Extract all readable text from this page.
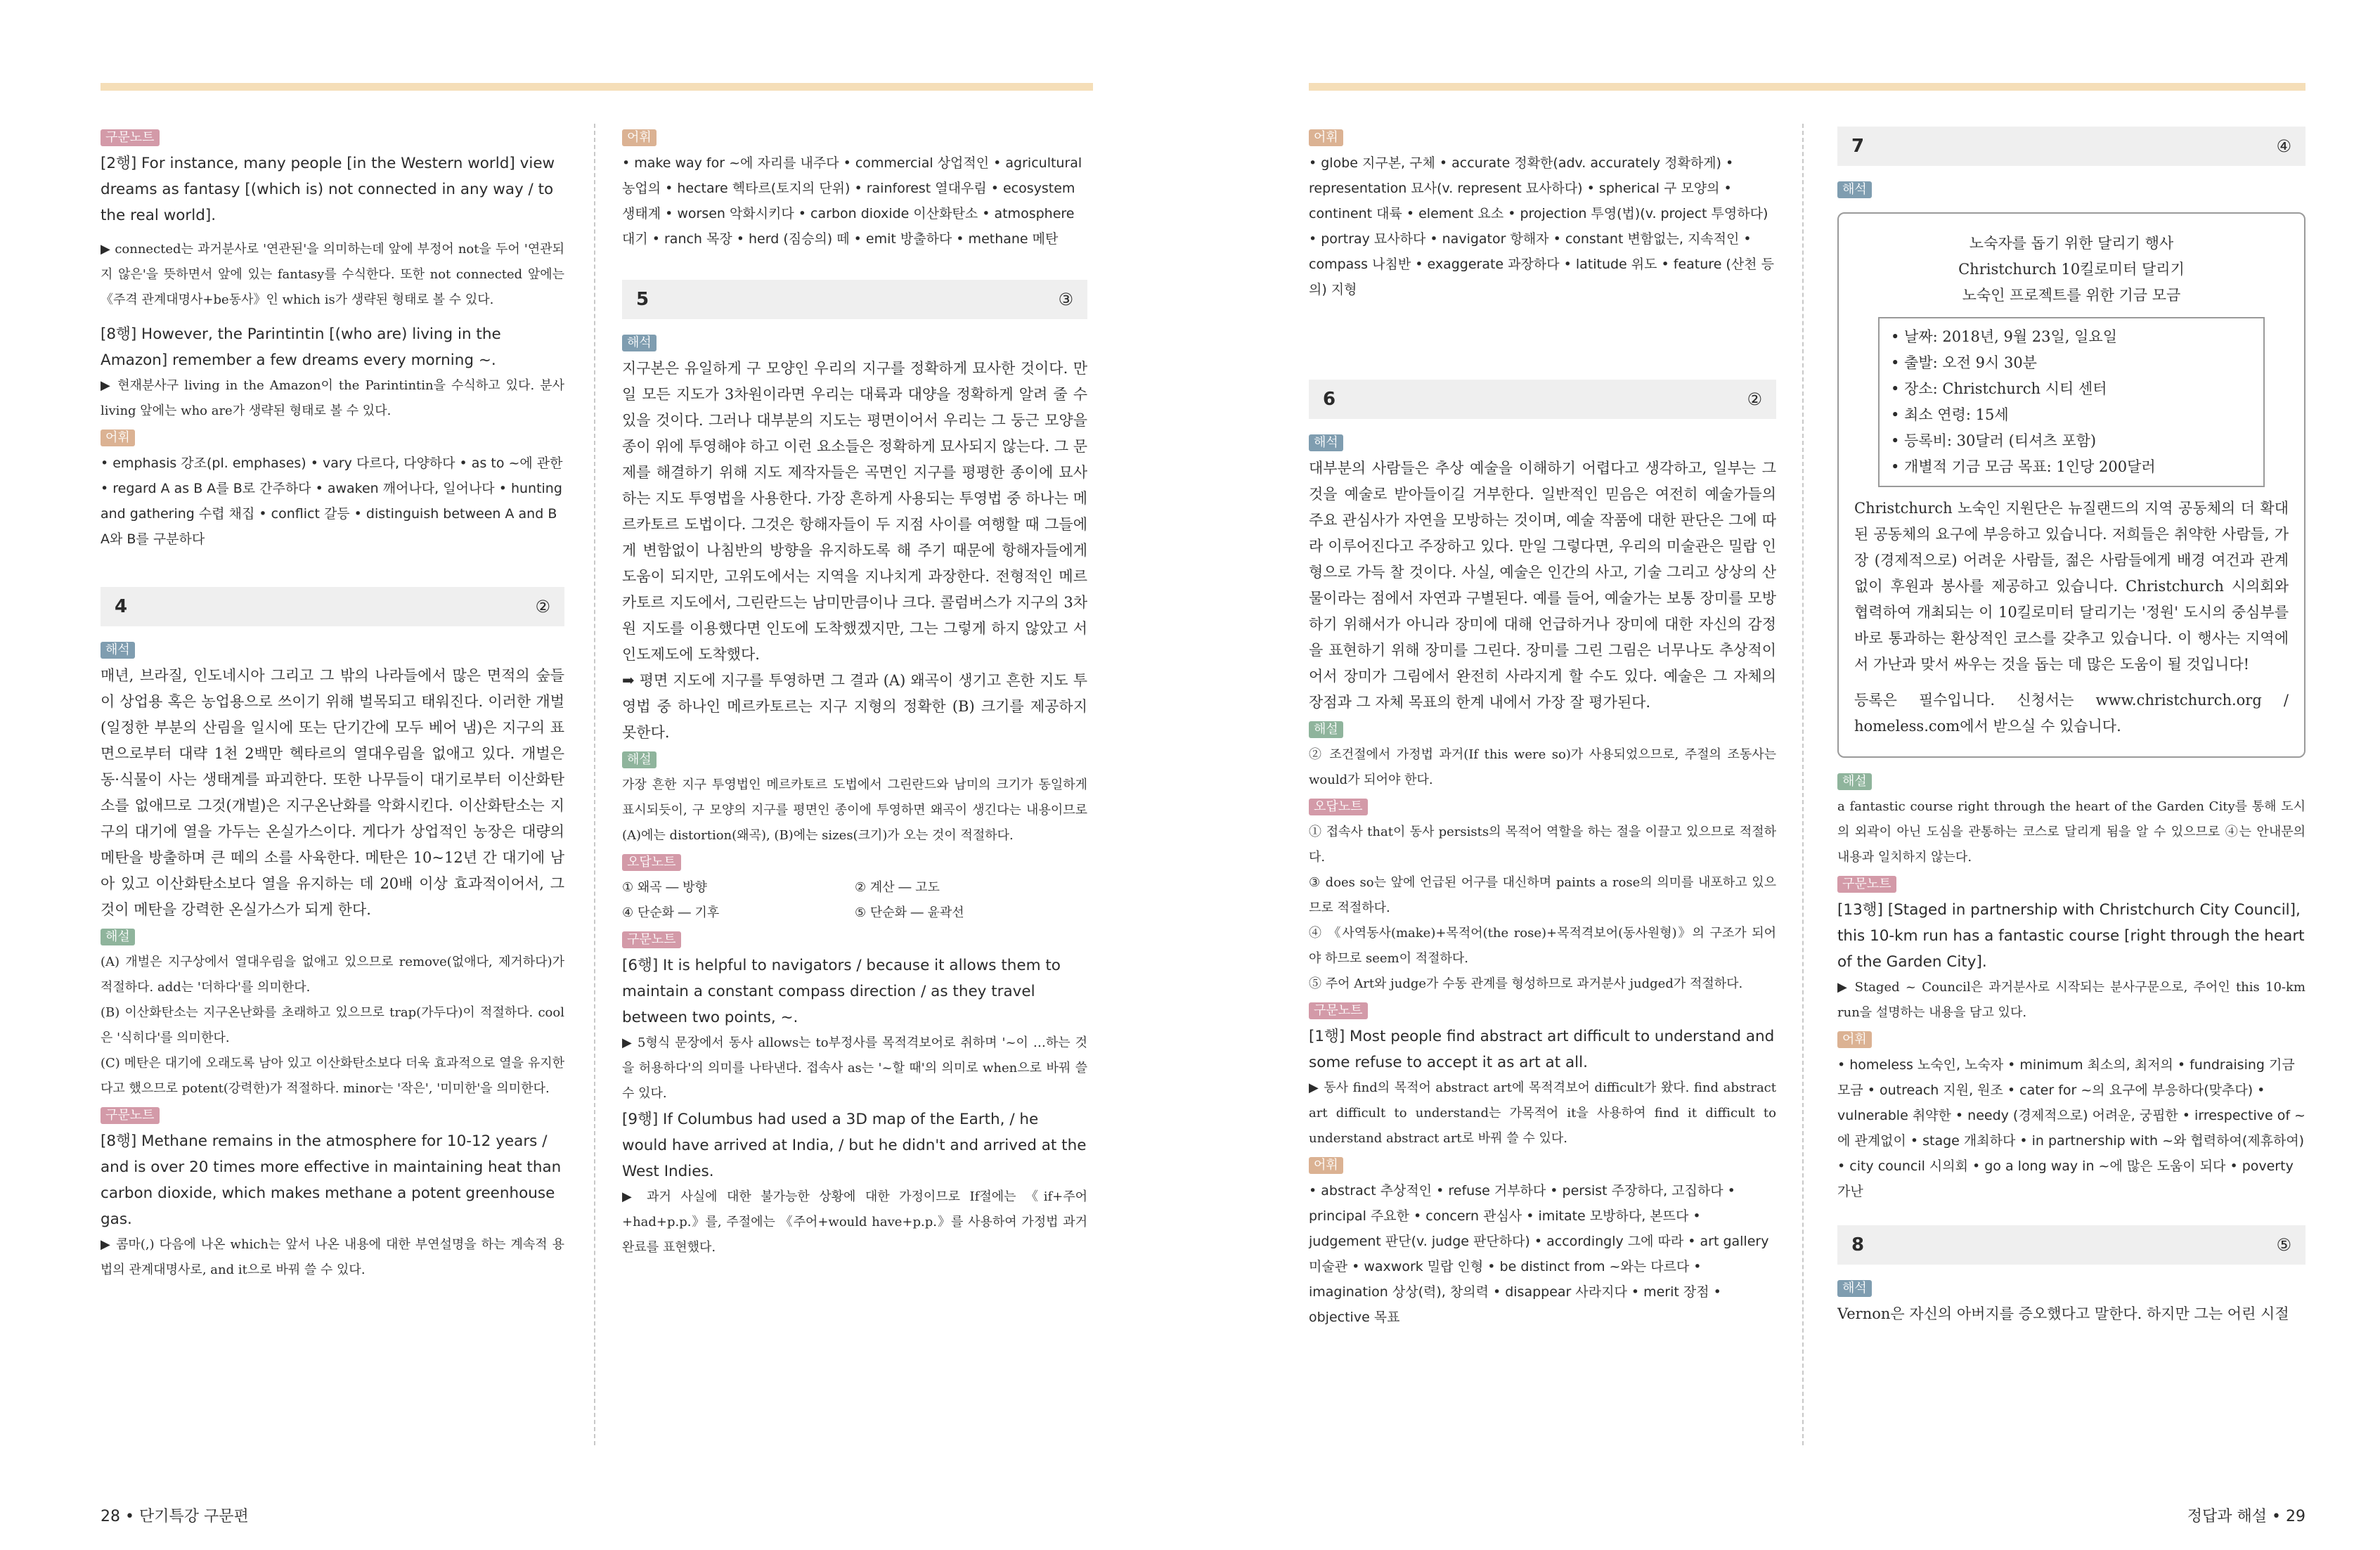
구문노트

[2행] For instance, many people [in the Western world] view dreams as fantasy [(which is) not connected in any way / to the real world].

▶ connected는 과거분사로 '연관된'을 의미하는데 앞에 부정어 not을 두어 '연관되지 않은'을 뜻하면서 앞에 있는 fantasy를 수식한다. 또한 not connected 앞에는 《주격 관계대명사+be동사》인 which is가 생략된 형태로 볼 수 있다.

[8행] However, the Parintintin [(who are) living in the Amazon] remember a few dreams every morning ~.

▶ 현재분사구 living in the Amazon이 the Parintintin을 수식하고 있다. 분사 living 앞에는 who are가 생략된 형태로 볼 수 있다.

어휘

• emphasis 강조(pl. emphases) • vary 다르다, 다양하다 • as to ~에 관한 • regard A as B A를 B로 간주하다 • awaken 깨어나다, 일어나다 • hunting and gathering 수렵 채집 • conflict 갈등 • distinguish between A and B A와 B를 구분하다

4	②
해석

매년, 브라질, 인도네시아 그리고 그 밖의 나라들에서 많은 면적의 숲들이 상업용 혹은 농업용으로 쓰이기 위해 벌목되고 태워진다. 이러한 개벌(일정한 부분의 산림을 일시에 또는 단기간에 모두 베어 냄)은 지구의 표면으로부터 대략 1천 2백만 헥타르의 열대우림을 없애고 있다. 개벌은 동·식물이 사는 생태계를 파괴한다. 또한 나무들이 대기로부터 이산화탄소를 없애므로 그것(개벌)은 지구온난화를 악화시킨다. 이산화탄소는 지구의 대기에 열을 가두는 온실가스이다. 게다가 상업적인 농장은 대량의 메탄을 방출하며 큰 떼의 소를 사육한다. 메탄은 10~12년 간 대기에 남아 있고 이산화탄소보다 열을 유지하는 데 20배 이상 효과적이어서, 그것이 메탄을 강력한 온실가스가 되게 한다.

해설

(A) 개벌은 지구상에서 열대우림을 없애고 있으므로 remove(없애다, 제거하다)가 적절하다. add는 '더하다'를 의미한다.
(B) 이산화탄소는 지구온난화를 초래하고 있으므로 trap(가두다)이 적절하다. cool은 '식히다'를 의미한다.
(C) 메탄은 대기에 오래도록 남아 있고 이산화탄소보다 더욱 효과적으로 열을 유지한다고 했으므로 potent(강력한)가 적절하다. minor는 '작은', '미미한'을 의미한다.

구문노트

[8행] Methane remains in the atmosphere for 10-12 years / and is over 20 times more effective in maintaining heat than carbon dioxide, which makes methane a potent greenhouse gas.

▶ 콤마(,) 다음에 나온 which는 앞서 나온 내용에 대한 부연설명을 하는 계속적 용법의 관계대명사로, and it으로 바꿔 쓸 수 있다.

어휘

• make way for ~에 자리를 내주다 • commercial 상업적인 • agricultural 농업의 • hectare 헥타르(토지의 단위) • rainforest 열대우림 • ecosystem 생태계 • worsen 악화시키다 • carbon dioxide 이산화탄소 • atmosphere 대기 • ranch 목장 • herd (짐승의) 떼 • emit 방출하다 • methane 메탄

5	③
해석

지구본은 유일하게 구 모양인 우리의 지구를 정확하게 묘사한 것이다. 만일 모든 지도가 3차원이라면 우리는 대륙과 대양을 정확하게 알려 줄 수 있을 것이다. 그러나 대부분의 지도는 평면이어서 우리는 그 둥근 모양을 종이 위에 투영해야 하고 이런 요소들은 정확하게 묘사되지 않는다. 그 문제를 해결하기 위해 지도 제작자들은 곡면인 지구를 평평한 종이에 묘사하는 지도 투영법을 사용한다. 가장 흔하게 사용되는 투영법 중 하나는 메르카토르 도법이다. 그것은 항해자들이 두 지점 사이를 여행할 때 그들에게 변함없이 나침반의 방향을 유지하도록 해 주기 때문에 항해자들에게 도움이 되지만, 고위도에서는 지역을 지나치게 과장한다. 전형적인 메르카토르 지도에서, 그린란드는 남미만큼이나 크다. 콜럼버스가 지구의 3차원 지도를 이용했다면 인도에 도착했겠지만, 그는 그렇게 하지 않았고 서인도제도에 도착했다.

➡ 평면 지도에 지구를 투영하면 그 결과 (A) 왜곡이 생기고 흔한 지도 투영법 중 하나인 메르카토르는 지구 지형의 정확한 (B) 크기를 제공하지 못한다.

해설

가장 흔한 지구 투영법인 메르카토르 도법에서 그린란드와 남미의 크기가 동일하게 표시되듯이, 구 모양의 지구를 평면인 종이에 투영하면 왜곡이 생긴다는 내용이므로 (A)에는 distortion(왜곡), (B)에는 sizes(크기)가 오는 것이 적절하다.

오답노트
① 왜곡 ― 방향	② 계산 ― 고도
④ 단순화 ― 기후	⑤ 단순화 ― 윤곽선
구문노트

[6행] It is helpful to navigators / because it allows them to maintain a constant compass direction / as they travel between two points, ~.

▶ 5형식 문장에서 동사 allows는 to부정사를 목적격보어로 취하며 '~이 …하는 것을 허용하다'의 의미를 나타낸다. 접속사 as는 '~할 때'의 의미로 when으로 바꿔 쓸 수 있다.

[9행] If Columbus had used a 3D map of the Earth, / he would have arrived at India, / but he didn't and arrived at the West Indies.

▶ 과거 사실에 대한 불가능한 상황에 대한 가정이므로 If절에는 《if+주어+had+p.p.》를, 주절에는 《주어+would have+p.p.》를 사용하여 가정법 과거완료를 표현했다.

어휘

• globe 지구본, 구체 • accurate 정확한(adv. accurately 정확하게) • representation 묘사(v. represent 묘사하다) • spherical 구 모양의 • continent 대륙 • element 요소 • projection 투영(법)(v. project 투영하다) • portray 묘사하다 • navigator 항해자 • constant 변함없는, 지속적인 • compass 나침반 • exaggerate 과장하다 • latitude 위도 • feature (산천 등의) 지형

6	②
해석

대부분의 사람들은 추상 예술을 이해하기 어렵다고 생각하고, 일부는 그것을 예술로 받아들이길 거부한다. 일반적인 믿음은 여전히 예술가들의 주요 관심사가 자연을 모방하는 것이며, 예술 작품에 대한 판단은 그에 따라 이루어진다고 주장하고 있다. 만일 그렇다면, 우리의 미술관은 밀랍 인형으로 가득 찰 것이다. 사실, 예술은 인간의 사고, 기술 그리고 상상의 산물이라는 점에서 자연과 구별된다. 예를 들어, 예술가는 보통 장미를 모방하기 위해서가 아니라 장미에 대해 언급하거나 장미에 대한 자신의 감정을 표현하기 위해 장미를 그린다. 장미를 그린 그림은 너무나도 추상적이어서 장미가 그림에서 완전히 사라지게 할 수도 있다. 예술은 그 자체의 장점과 그 자체 목표의 한계 내에서 가장 잘 평가된다.

해설

② 조건절에서 가정법 과거(If this were so)가 사용되었으므로, 주절의 조동사는 would가 되어야 한다.

오답노트

① 접속사 that이 동사 persists의 목적어 역할을 하는 절을 이끌고 있으므로 적절하다.
③ does so는 앞에 언급된 어구를 대신하며 paints a rose의 의미를 내포하고 있으므로 적절하다.
④ 《사역동사(make)+목적어(the rose)+목적격보어(동사원형)》의 구조가 되어야 하므로 seem이 적절하다.
⑤ 주어 Art와 judge가 수동 관계를 형성하므로 과거분사 judged가 적절하다.

구문노트

[1행] Most people find abstract art difficult to understand and some refuse to accept it as art at all.

▶ 동사 find의 목적어 abstract art에 목적격보어 difficult가 왔다. find abstract art difficult to understand는 가목적어 it을 사용하여 find it difficult to understand abstract art로 바꿔 쓸 수 있다.

어휘

• abstract 추상적인 • refuse 거부하다 • persist 주장하다, 고집하다 • principal 주요한 • concern 관심사 • imitate 모방하다, 본뜨다 • judgement 판단(v. judge 판단하다) • accordingly 그에 따라 • art gallery 미술관 • waxwork 밀랍 인형 • be distinct from ~와는 다르다 • imagination 상상(력), 창의력 • disappear 사라지다 • merit 장점 • objective 목표

7	④
해석
노숙자를 돕기 위한 달리기 행사
Christchurch 10킬로미터 달리기
노숙인 프로젝트를 위한 기금 모금
• 날짜: 2018년, 9월 23일, 일요일
• 출발: 오전 9시 30분
• 장소: Christchurch 시티 센터
• 최소 연령: 15세
• 등록비: 30달러 (티셔츠 포함)
• 개별적 기금 모금 목표: 1인당 200달러

Christchurch 노숙인 지원단은 뉴질랜드의 지역 공동체의 더 확대된 공동체의 요구에 부응하고 있습니다. 저희들은 취약한 사람들, 가장 (경제적으로) 어려운 사람들, 젊은 사람들에게 배경 여건과 관계없이 후원과 봉사를 제공하고 있습니다. Christchurch 시의회와 협력하여 개최되는 이 10킬로미터 달리기는 '정원' 도시의 중심부를 바로 통과하는 환상적인 코스를 갖추고 있습니다. 이 행사는 지역에서 가난과 맞서 싸우는 것을 돕는 데 많은 도움이 될 것입니다!

등록은 필수입니다. 신청서는 www.christchurch.org / homeless.com에서 받으실 수 있습니다.

해설

a fantastic course right through the heart of the Garden City를 통해 도시의 외곽이 아닌 도심을 관통하는 코스로 달리게 됨을 알 수 있으므로 ④는 안내문의 내용과 일치하지 않는다.

구문노트

[13행] [Staged in partnership with Christchurch City Council], this 10-km run has a fantastic course [right through the heart of the Garden City].

▶ Staged ~ Council은 과거분사로 시작되는 분사구문으로, 주어인 this 10-km run을 설명하는 내용을 담고 있다.

어휘

• homeless 노숙인, 노숙자 • minimum 최소의, 최저의 • fundraising 기금 모금 • outreach 지원, 원조 • cater for ~의 요구에 부응하다(맞추다) • vulnerable 취약한 • needy (경제적으로) 어려운, 궁핍한 • irrespective of ~에 관계없이 • stage 개최하다 • in partnership with ~와 협력하여(제휴하여) • city council 시의회 • go a long way in ~에 많은 도움이 되다 • poverty 가난

8	⑤
해석

Vernon은 자신의 아버지를 증오했다고 말한다. 하지만 그는 어린 시절

28 • 단기특강 구문편	정답과 해설 • 29
